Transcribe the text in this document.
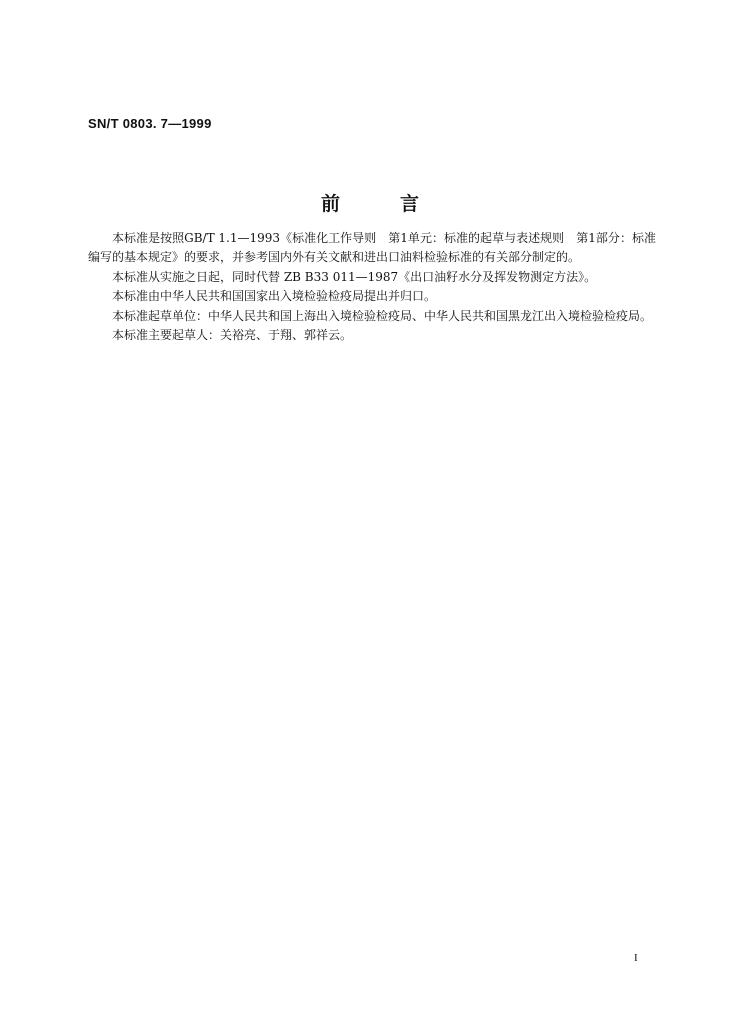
SN/T 0803. 7—1999
前言

本标准是按照GB/T 1.1—1993《标准化工作导则　第1单元：标准的起草与表述规则　第1部分：标准编写的基本规定》的要求，并参考国内外有关文献和进出口油料检验标准的有关部分制定的。

本标准从实施之日起，同时代替 ZB B33 011—1987《出口油籽水分及挥发物测定方法》。

本标准由中华人民共和国国家出入境检验检疫局提出并归口。

本标准起草单位：中华人民共和国上海出入境检验检疫局、中华人民共和国黑龙江出入境检验检疫局。

本标准主要起草人：关裕亮、于翔、郭祥云。

I
